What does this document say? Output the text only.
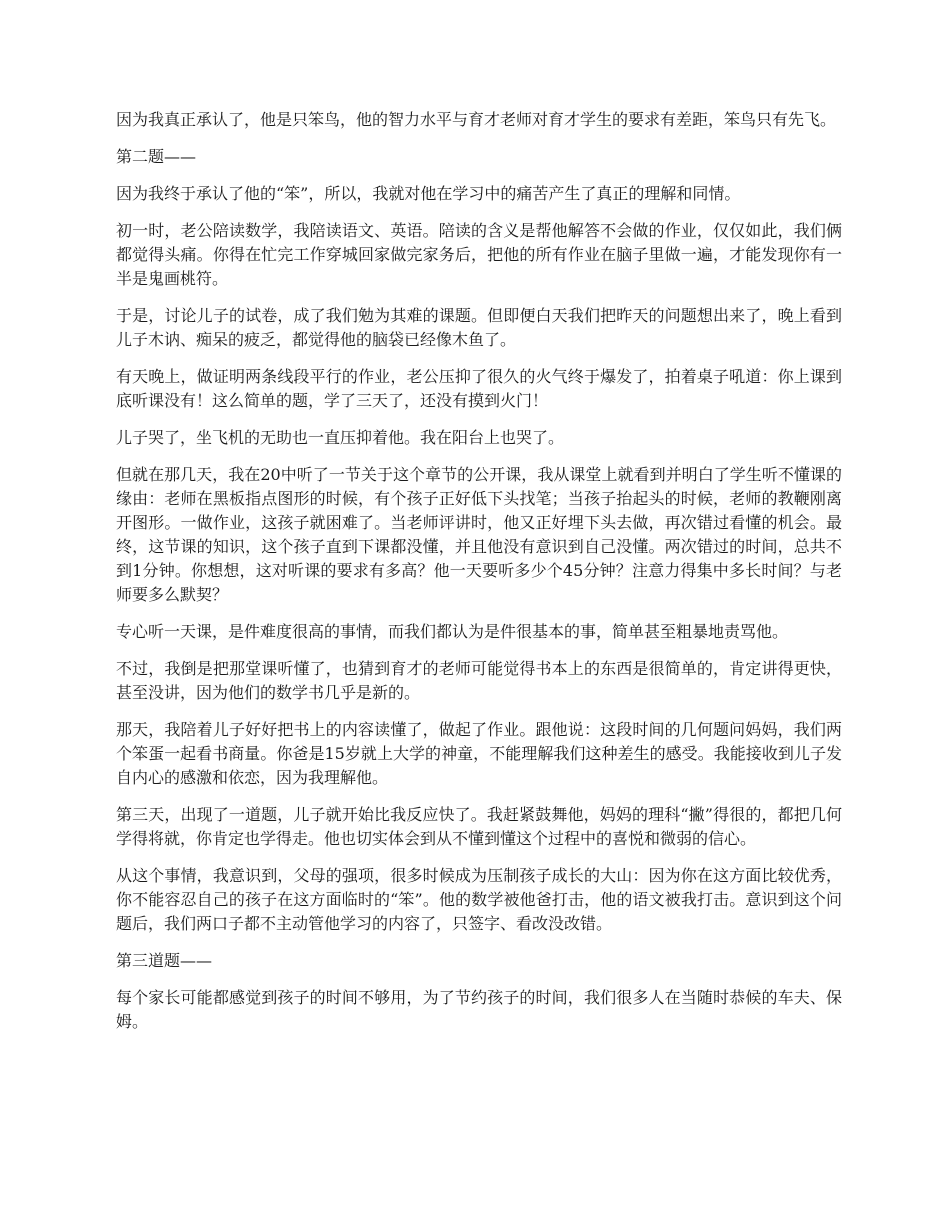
因为我真正承认了，他是只笨鸟，他的智力水平与育才老师对育才学生的要求有差距，笨鸟只有先飞。

第二题——

因为我终于承认了他的“笨”，所以，我就对他在学习中的痛苦产生了真正的理解和同情。

初一时，老公陪读数学，我陪读语文、英语。陪读的含义是帮他解答不会做的作业，仅仅如此，我们俩都觉得头痛。你得在忙完工作穿城回家做完家务后，把他的所有作业在脑子里做一遍，才能发现你有一半是鬼画桃符。

于是，讨论儿子的试卷，成了我们勉为其难的课题。但即便白天我们把昨天的问题想出来了，晚上看到儿子木讷、痴呆的疲乏，都觉得他的脑袋已经像木鱼了。

有天晚上，做证明两条线段平行的作业，老公压抑了很久的火气终于爆发了，拍着桌子吼道：你上课到底听课没有！这么简单的题，学了三天了，还没有摸到火门！

儿子哭了，坐飞机的无助也一直压抑着他。我在阳台上也哭了。

但就在那几天，我在20中听了一节关于这个章节的公开课，我从课堂上就看到并明白了学生听不懂课的缘由：老师在黑板指点图形的时候，有个孩子正好低下头找笔；当孩子抬起头的时候，老师的教鞭刚离开图形。一做作业，这孩子就困难了。当老师评讲时，他又正好埋下头去做，再次错过看懂的机会。最终，这节课的知识，这个孩子直到下课都没懂，并且他没有意识到自己没懂。两次错过的时间，总共不到1分钟。你想想，这对听课的要求有多高？他一天要听多少个45分钟？注意力得集中多长时间？与老师要多么默契？

专心听一天课，是件难度很高的事情，而我们都认为是件很基本的事，简单甚至粗暴地责骂他。

不过，我倒是把那堂课听懂了，也猜到育才的老师可能觉得书本上的东西是很简单的，肯定讲得更快，甚至没讲，因为他们的数学书几乎是新的。

那天，我陪着儿子好好把书上的内容读懂了，做起了作业。跟他说：这段时间的几何题问妈妈，我们两个笨蛋一起看书商量。你爸是15岁就上大学的神童，不能理解我们这种差生的感受。我能接收到儿子发自内心的感激和依恋，因为我理解他。

第三天，出现了一道题，儿子就开始比我反应快了。我赶紧鼓舞他，妈妈的理科“撇”得很的，都把几何学得将就，你肯定也学得走。他也切实体会到从不懂到懂这个过程中的喜悦和微弱的信心。

从这个事情，我意识到，父母的强项，很多时候成为压制孩子成长的大山：因为你在这方面比较优秀，你不能容忍自己的孩子在这方面临时的“笨”。他的数学被他爸打击，他的语文被我打击。意识到这个问题后，我们两口子都不主动管他学习的内容了，只签字、看改没改错。

第三道题——

每个家长可能都感觉到孩子的时间不够用，为了节约孩子的时间，我们很多人在当随时恭候的车夫、保姆。
